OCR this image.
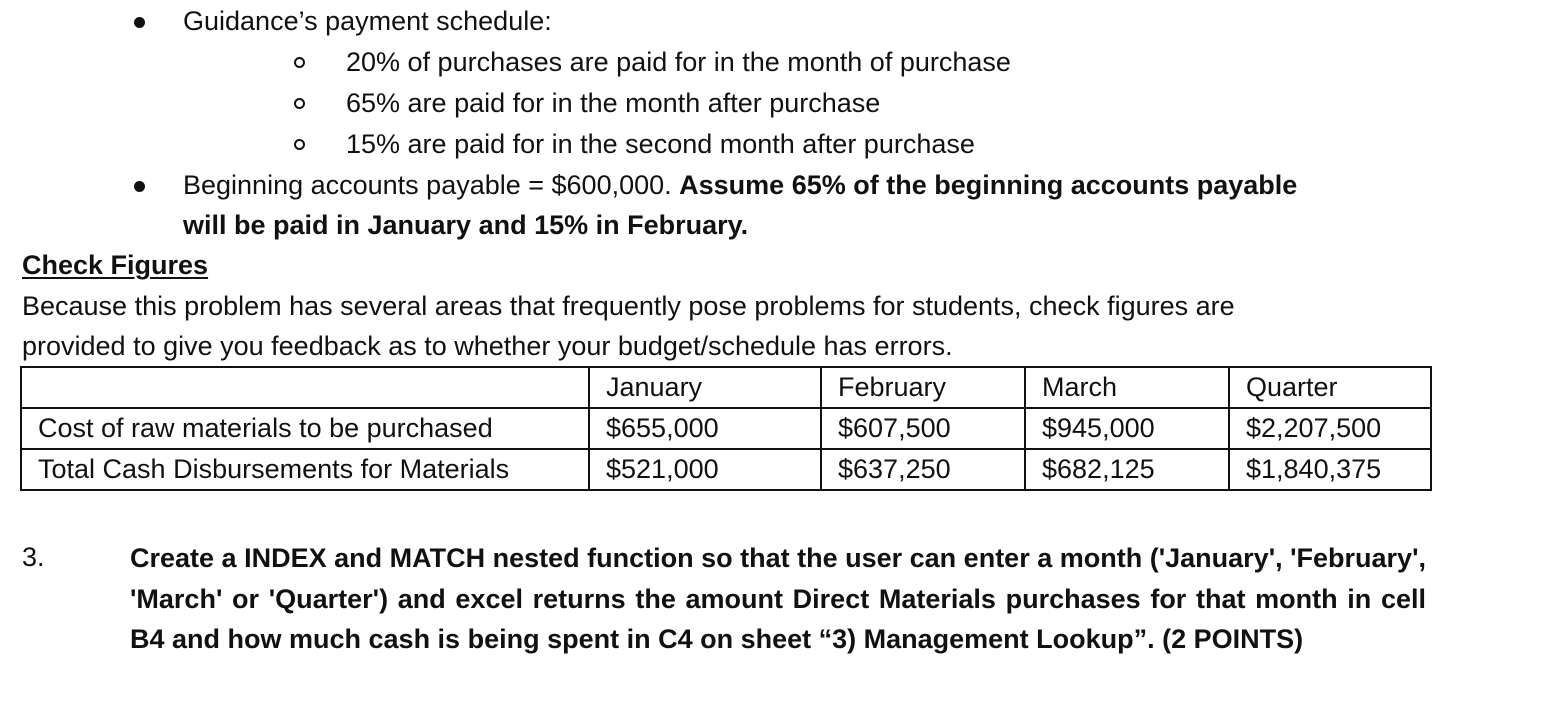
Guidance’s payment schedule:
20% of purchases are paid for in the month of purchase
65% are paid for in the month after purchase
15% are paid for in the second month after purchase
Beginning accounts payable = $600,000. Assume 65% of the beginning accounts payable
will be paid in January and 15% in February.
Check Figures
Because this problem has several areas that frequently pose problems for students, check figures are
provided to give you feedback as to whether your budget/schedule has errors.
	January	February	March	Quarter
Cost of raw materials to be purchased	$655,000	$607,500	$945,000	$2,207,500
Total Cash Disbursements for Materials	$521,000	$637,250	$682,125	$1,840,375
3.	Create a INDEX and MATCH nested function so that the user can enter a month ('January', 'February', 'March' or 'Quarter') and excel returns the amount Direct Materials purchases for that month in cell B4 and how much cash is being spent in C4 on sheet “3) Management Lookup”. (2 POINTS)
